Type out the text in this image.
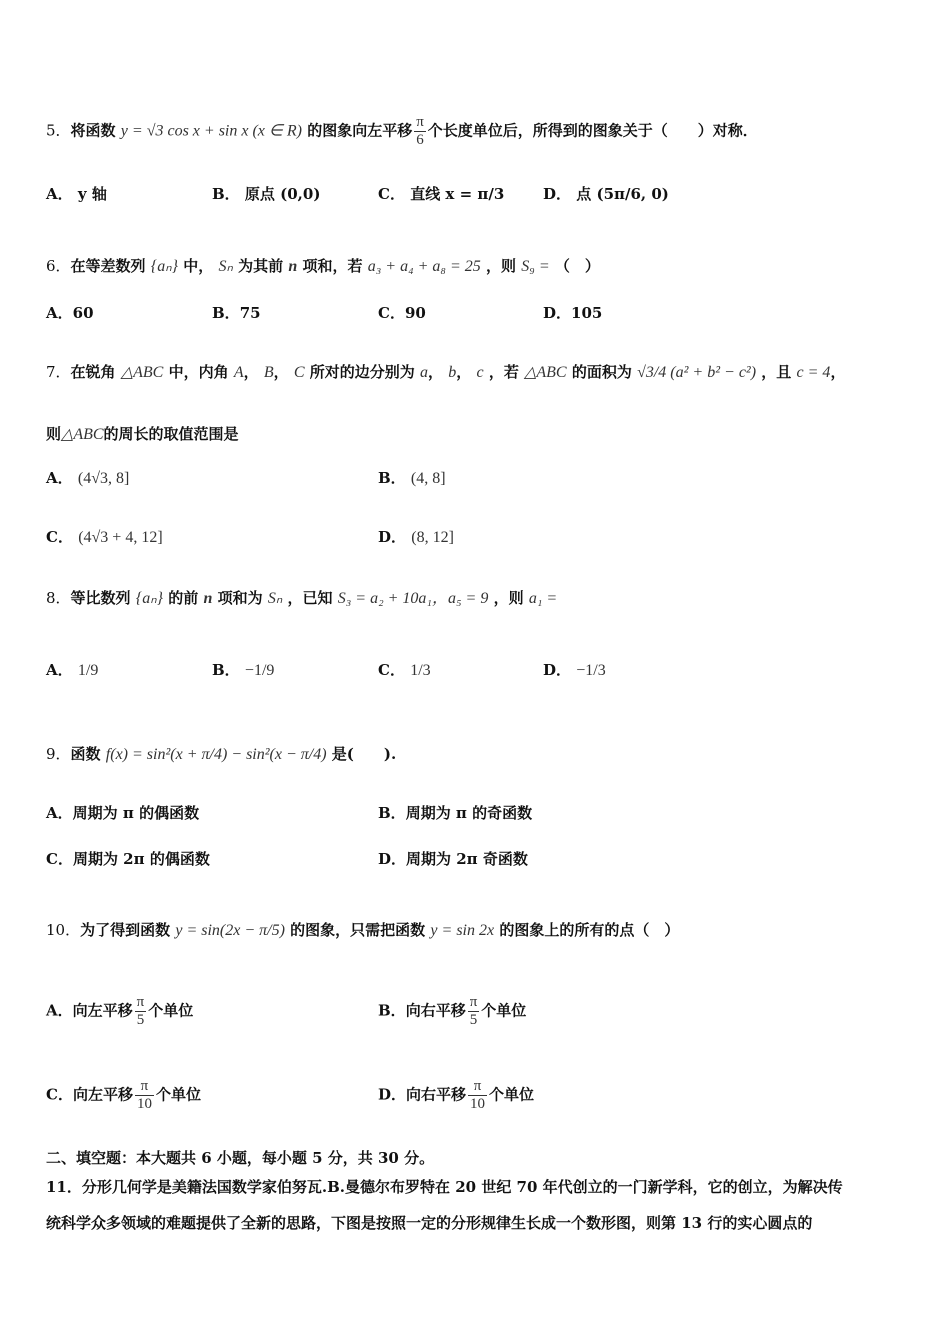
5．将函数 y = √3 cos x + sin x (x ∈ R) 的图象向左平移 $\frac{\pi}{6}$ 个长度单位后，所得到的图象关于（　　）对称．
A． y 轴	B． 原点 (0,0)	C． 直线 x = π/3	D． 点 (5π/6, 0)
6．在等差数列 {aₙ} 中， Sₙ 为其前 n 项和，若 a₃ + a₄ + a₈ = 25 ，则 S₉ = （　）
A．60	B．75	C．90	D．105
7．在锐角 △ABC 中，内角 A， B， C 所对的边分别为 a， b， c ，若 △ABC 的面积为 √3/4 (a² + b² − c²) ，且 c = 4，
则△ABC的周长的取值范围是
A． (4√3, 8]	B． (4, 8]
C． (4√3 + 4, 12]	D． (8, 12]
8．等比数列 {aₙ} 的前 n 项和为 Sₙ ，已知 S₃ = a₂ + 10a₁，a₅ = 9 ，则 a₁ =
A． 1/9	B． −1/9	C． 1/3	D． −1/3
9．函数 f(x) = sin²(x + π/4) − sin²(x − π/4) 是(　　).
A．周期为 π 的偶函数	B．周期为 π 的奇函数
C．周期为 2π 的偶函数	D．周期为 2π 奇函数
10．为了得到函数 y = sin(2x − π/5) 的图象，只需把函数 y = sin 2x 的图象上的所有的点（　）
A．向左平移 $\frac{\pi}{5}$ 个单位	B．向右平移 $\frac{\pi}{5}$ 个单位
C．向左平移 $\frac{\pi}{10}$ 个单位	D．向右平移 $\frac{\pi}{10}$ 个单位
二、填空题：本大题共 6 小题，每小题 5 分，共 30 分。
11．分形几何学是美籍法国数学家伯努瓦.B.曼德尔布罗特在 20 世纪 70 年代创立的一门新学科，它的创立，为解决传
统科学众多领域的难题提供了全新的思路，下图是按照一定的分形规律生长成一个数形图，则第 13 行的实心圆点的
